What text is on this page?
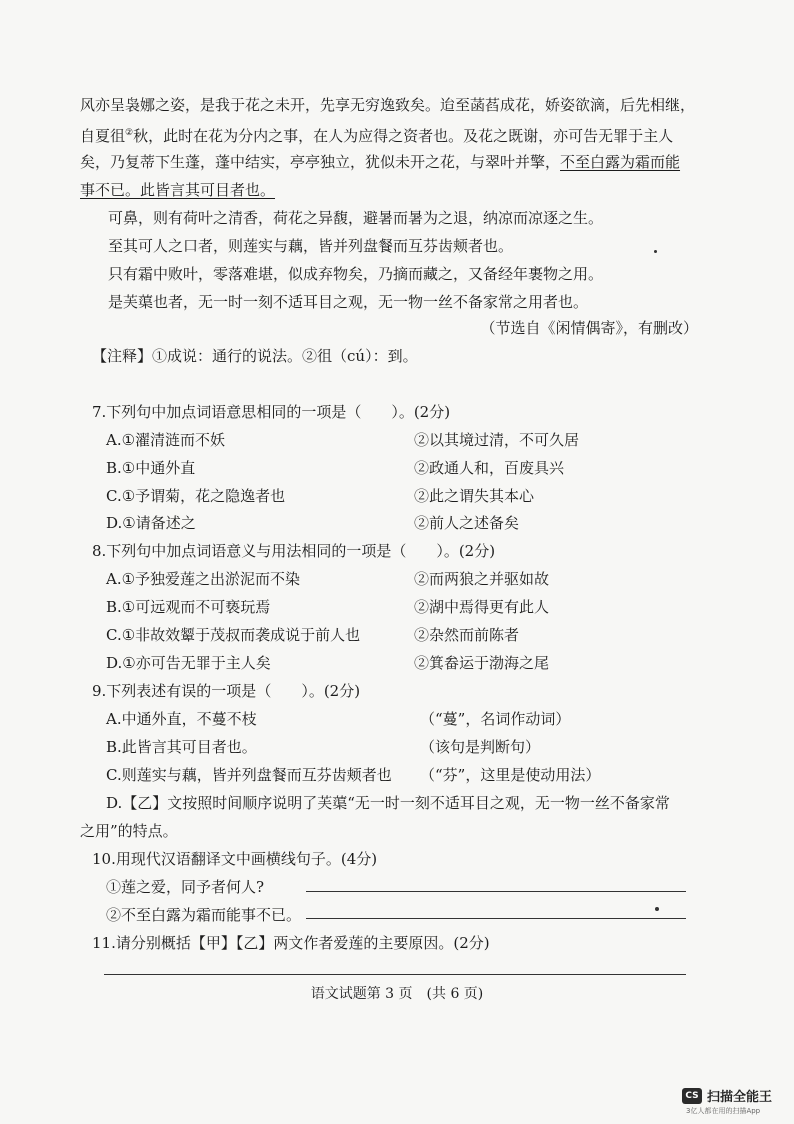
风亦呈袅娜之姿，是我于花之未开，先享无穷逸致矣。迨至菡萏成花，娇姿欲滴，后先相继，
自夏徂②秋，此时在花为分内之事，在人为应得之资者也。及花之既谢，亦可告无罪于主人
矣，乃复蒂下生蓬，蓬中结实，亭亭独立，犹似未开之花，与翠叶并擎，不至白露为霜而能
事不已。此皆言其可目者也。
可鼻，则有荷叶之清香，荷花之异馥，避暑而暑为之退，纳凉而凉逐之生。
至其可人之口者，则莲实与藕，皆并列盘餐而互芬齿颊者也。
只有霜中败叶，零落难堪，似成弃物矣，乃摘而藏之，又备经年裹物之用。
是芙蕖也者，无一时一刻不适耳目之观，无一物一丝不备家常之用者也。
（节选自《闲情偶寄》，有删改）
【注释】①成说：通行的说法。②徂（cú）：到。
7.下列句中加点词语意思相同的一项是（　　）。(2分)
A.①濯清涟而不妖	②以其境过清，不可久居
B.①中通外直	②政通人和，百废具兴
C.①予谓菊，花之隐逸者也	②此之谓失其本心
D.①请备述之	②前人之述备矣
8.下列句中加点词语意义与用法相同的一项是（　　）。(2分)
A.①予独爱莲之出淤泥而不染	②而两狼之并驱如故
B.①可远观而不可亵玩焉	②湖中焉得更有此人
C.①非故效颦于茂叔而袭成说于前人也	②杂然而前陈者
D.①亦可告无罪于主人矣	②箕畚运于渤海之尾
9.下列表述有误的一项是（　　）。(2分)
A.中通外直，不蔓不枝	（“蔓”，名词作动词）
B.此皆言其可目者也。	（该句是判断句）
C.则莲实与藕，皆并列盘餐而互芬齿颊者也 （“芬”，这里是使动用法）
D.【乙】文按照时间顺序说明了芙蕖“无一时一刻不适耳目之观，无一物一丝不备家常
之用”的特点。
10.用现代汉语翻译文中画横线句子。(4分)
①莲之爱，同予者何人?
②不至白露为霜而能事不已。
11.请分别概括【甲】【乙】两文作者爱莲的主要原因。(2分)
语文试题第 3 页　(共 6 页)
CS 扫描全能王
3亿人都在用的扫描App
